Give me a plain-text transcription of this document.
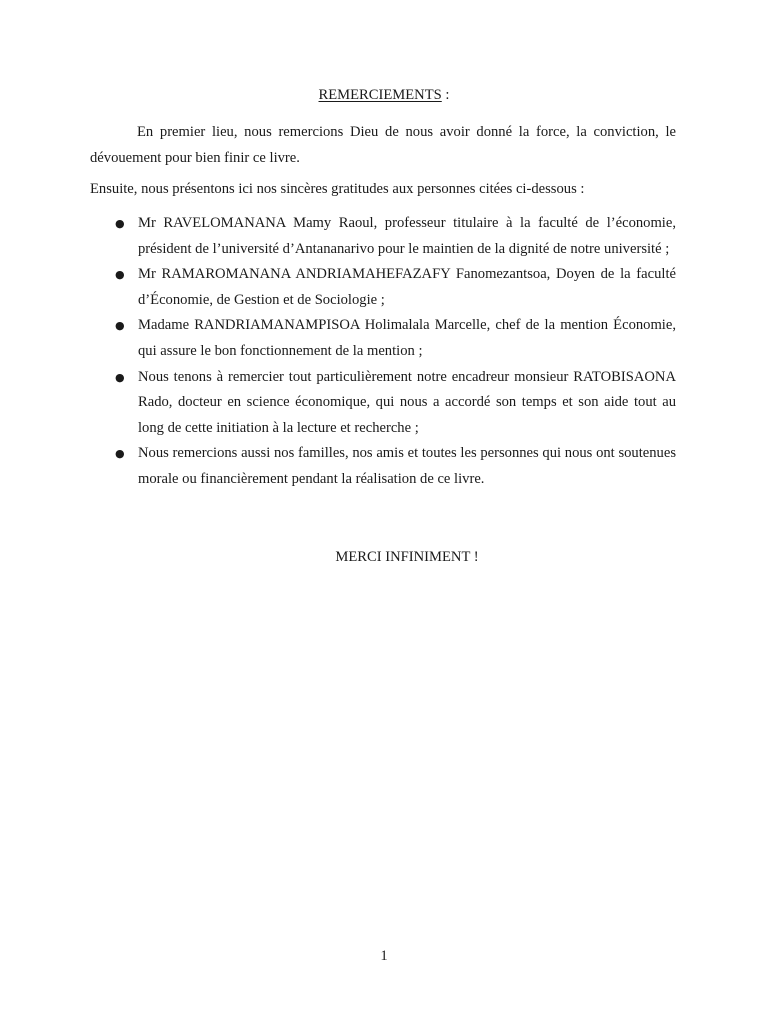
REMERCIEMENTS :

En premier lieu, nous remercions Dieu de nous avoir donné la force, la conviction, le dévouement pour bien finir ce livre.

Ensuite, nous présentons ici nos sincères gratitudes aux personnes citées ci-dessous :

● Mr RAVELOMANANA Mamy Raoul, professeur titulaire à la faculté de l’économie, président de l’université d’Antananarivo pour le maintien de la dignité de notre université ;
● Mr RAMAROMANANA ANDRIAMAHEFAZAFY Fanomezantsoa, Doyen de la faculté d’Économie, de Gestion et de Sociologie ;
● Madame RANDRIAMANAMPISOA Holimalala Marcelle, chef de la mention Économie, qui assure le bon fonctionnement de la mention ;
● Nous tenons à remercier tout particulièrement notre encadreur monsieur RATOBISAONA Rado, docteur en science économique, qui nous a accordé son temps et son aide tout au long de cette initiation à la lecture et recherche ;
● Nous remercions aussi nos familles, nos amis et toutes les personnes qui nous ont soutenues morale ou financièrement pendant la réalisation de ce livre.
MERCI INFINIMENT !
1
